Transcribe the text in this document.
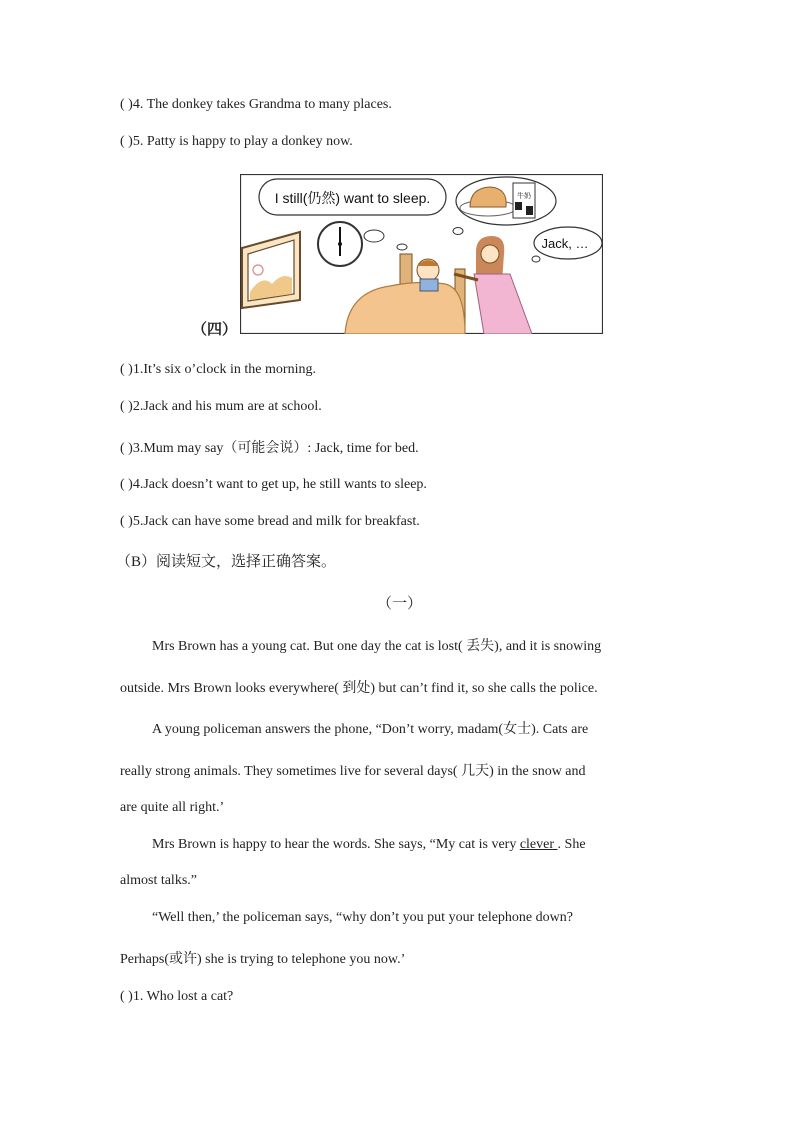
( )4. The donkey takes Grandma to many places.
( )5. Patty is happy to play a donkey now.
（四）
I still(仍然) want to sleep.	牛奶
Jack, …
( )1.It’s six o’clock in the morning.
( )2.Jack and his mum are at school.
( )3.Mum may say（可能会说）: Jack, time for bed.
( )4.Jack doesn’t want to get up, he still wants to sleep.
( )5.Jack can have some bread and milk for breakfast.
（B）阅读短文，选择正确答案。
（一）
Mrs Brown has a young cat. But one day the cat is lost( 丢失), and it is snowing
outside. Mrs Brown looks everywhere( 到处) but can’t find it, so she calls the police.
A young policeman answers the phone, “Don’t worry, madam(女士). Cats are
really strong animals. They sometimes live for several days( 几天) in the snow and
are quite all right.’
Mrs Brown is happy to hear the words. She says, “My cat is very clever . She
almost talks.”
“Well then,’ the policeman says, “why don’t you put your telephone down?
Perhaps(或许) she is trying to telephone you now.’
( )1. Who lost a cat?
